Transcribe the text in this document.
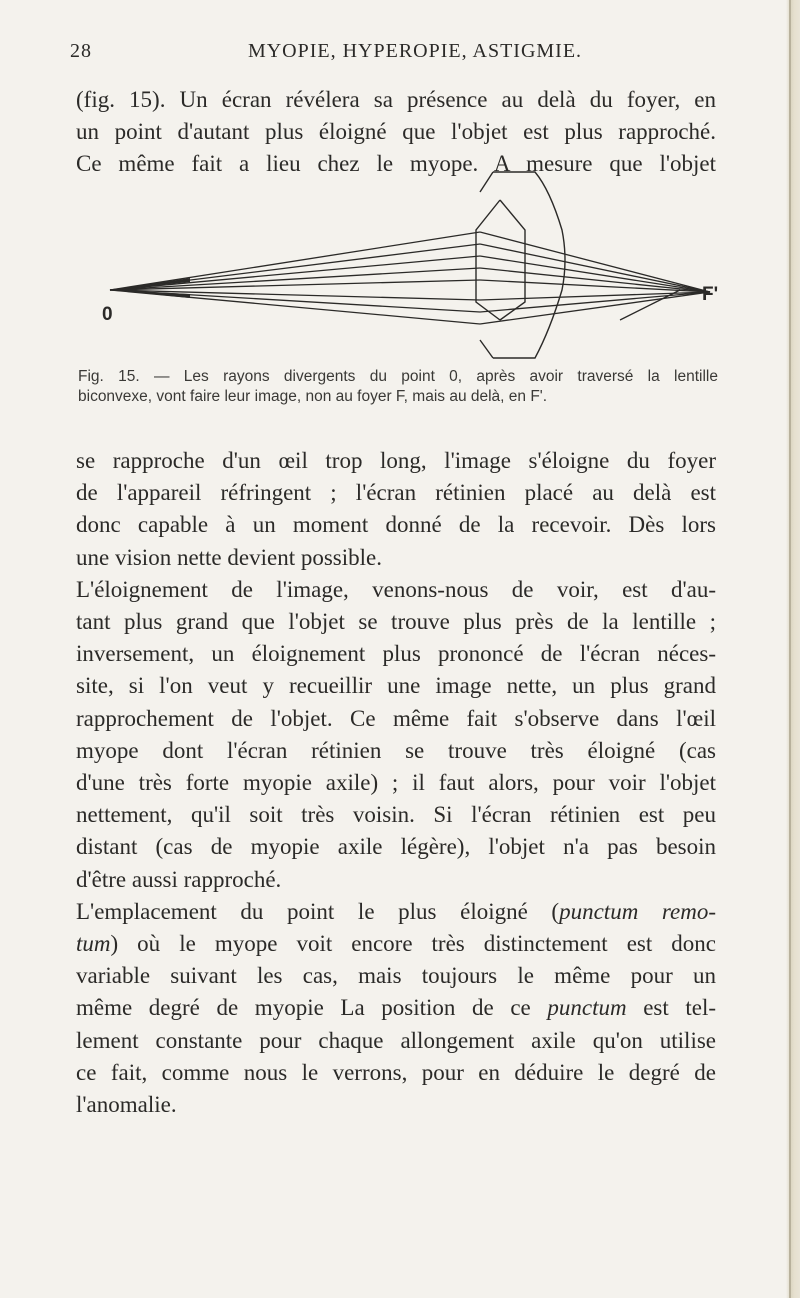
28	MYOPIE, HYPEROPIE, ASTIGMIE.
(fig. 15). Un écran révélera sa présence au delà du foyer, en
un point d'autant plus éloigné que l'objet est plus rapproché.
Ce même fait a lieu chez le myope. A mesure que l'objet
0
F'
Fig. 15. — Les rayons divergents du point 0, après avoir traversé la lentille
biconvexe, vont faire leur image, non au foyer F, mais au delà, en F'.
se rapproche d'un œil trop long, l'image s'éloigne du foyer
de l'appareil réfringent ; l'écran rétinien placé au delà est
donc capable à un moment donné de la recevoir. Dès lors
une vision nette devient possible.
L'éloignement de l'image, venons-nous de voir, est d'au-
tant plus grand que l'objet se trouve plus près de la lentille ;
inversement, un éloignement plus prononcé de l'écran néces-
site, si l'on veut y recueillir une image nette, un plus grand
rapprochement de l'objet. Ce même fait s'observe dans l'œil
myope dont l'écran rétinien se trouve très éloigné (cas
d'une très forte myopie axile) ; il faut alors, pour voir l'objet
nettement, qu'il soit très voisin. Si l'écran rétinien est peu
distant (cas de myopie axile légère), l'objet n'a pas besoin
d'être aussi rapproché.
L'emplacement du point le plus éloigné (punctum remo-
tum) où le myope voit encore très distinctement est donc
variable suivant les cas, mais toujours le même pour un
même degré de myopie La position de ce punctum est tel-
lement constante pour chaque allongement axile qu'on utilise
ce fait, comme nous le verrons, pour en déduire le degré de
l'anomalie.
